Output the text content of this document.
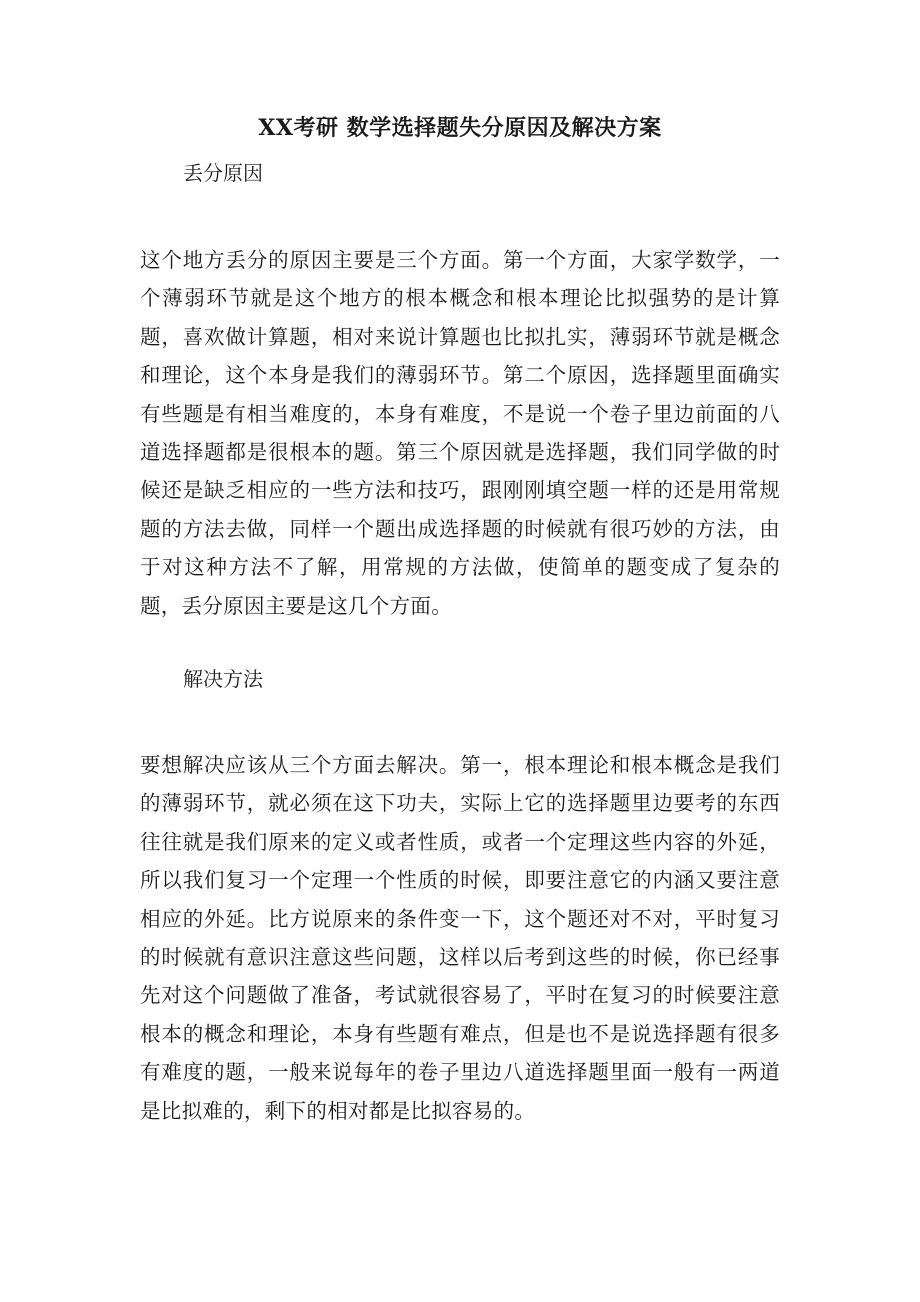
XX考研 数学选择题失分原因及解决方案
丢分原因
这个地方丢分的原因主要是三个方面。第一个方面，大家学数学，一个薄弱环节就是这个地方的根本概念和根本理论比拟强势的是计算题，喜欢做计算题，相对来说计算题也比拟扎实，薄弱环节就是概念和理论，这个本身是我们的薄弱环节。第二个原因，选择题里面确实有些题是有相当难度的，本身有难度，不是说一个卷子里边前面的八道选择题都是很根本的题。第三个原因就是选择题，我们同学做的时候还是缺乏相应的一些方法和技巧，跟刚刚填空题一样的还是用常规题的方法去做，同样一个题出成选择题的时候就有很巧妙的方法，由于对这种方法不了解，用常规的方法做，使简单的题变成了复杂的题，丢分原因主要是这几个方面。
解决方法
要想解决应该从三个方面去解决。第一，根本理论和根本概念是我们的薄弱环节，就必须在这下功夫，实际上它的选择题里边要考的东西往往就是我们原来的定义或者性质，或者一个定理这些内容的外延，所以我们复习一个定理一个性质的时候，即要注意它的内涵又要注意相应的外延。比方说原来的条件变一下，这个题还对不对，平时复习的时候就有意识注意这些问题，这样以后考到这些的时候，你已经事先对这个问题做了准备，考试就很容易了，平时在复习的时候要注意根本的概念和理论，本身有些题有难点，但是也不是说选择题有很多有难度的题，一般来说每年的卷子里边八道选择题里面一般有一两道是比拟难的，剩下的相对都是比拟容易的。
